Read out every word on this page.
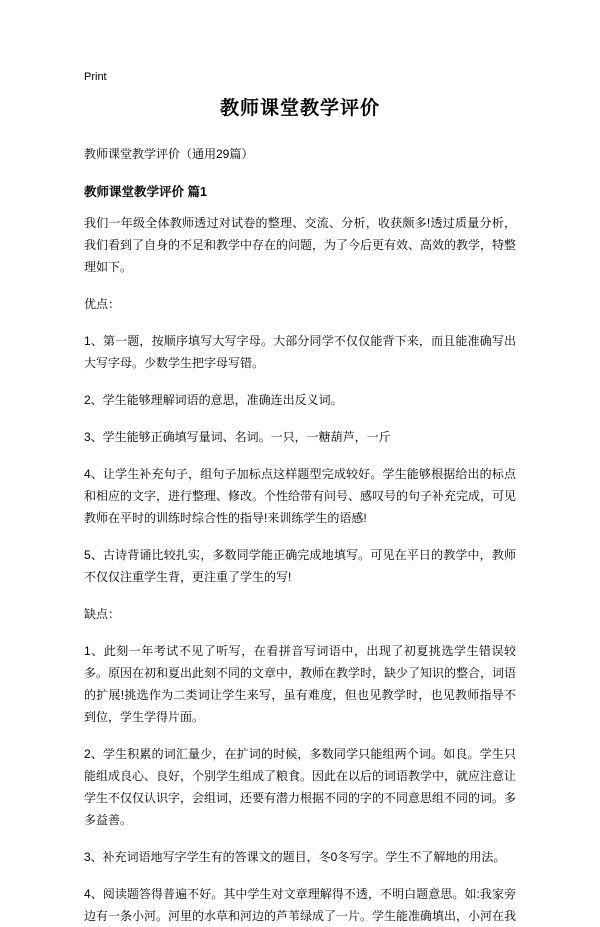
Print
教师课堂教学评价
教师课堂教学评价（通用29篇）
教师课堂教学评价 篇1

我们一年级全体教师透过对试卷的整理、交流、分析，收获颇多!透过质量分析，我们看到了自身的不足和教学中存在的问题，为了今后更有效、高效的教学，特整理如下。

优点：

1、第一题，按顺序填写大写字母。大部分同学不仅仅能背下来，而且能准确写出大写字母。少数学生把字母写错。

2、学生能够理解词语的意思，准确连出反义词。

3、学生能够正确填写量词、名词。一只，一糖葫芦，一斤

4、让学生补充句子，组句子加标点这样题型完成较好。学生能够根据给出的标点和相应的文字，进行整理、修改。个性给带有问号、感叹号的句子补充完成，可见教师在平时的训练时综合性的指导!来训练学生的语感!

5、古诗背诵比较扎实，多数同学能正确完成地填写。可见在平日的教学中，教师不仅仅注重学生背，更注重了学生的写!

缺点：

1、此刻一年考试不见了听写，在看拼音写词语中，出现了初夏挑选学生错误较多。原因在初和夏出此刻不同的文章中，教师在教学时，缺少了知识的整合，词语的扩展!挑选作为二类词让学生来写，虽有难度，但也见教学时，也见教师指导不到位，学生学得片面。

2、学生积累的词汇量少，在扩词的时候，多数同学只能组两个词。如良。学生只能组成良心、良好，个别学生组成了粮食。因此在以后的词语教学中，就应注意让学生不仅仅认识字，会组词，还要有潜力根据不同的字的不同意思组不同的词。多多益善。

3、补充词语地写字学生有的答课文的题目，冬0冬写字。学生不了解地的用法。

4、阅读题答得普遍不好。其中学生对文章理解得不透，不明白题意思。如:我家旁边有一条小河。河里的水草和河边的芦苇绿成了一片。学生能准确填出，小河在我
